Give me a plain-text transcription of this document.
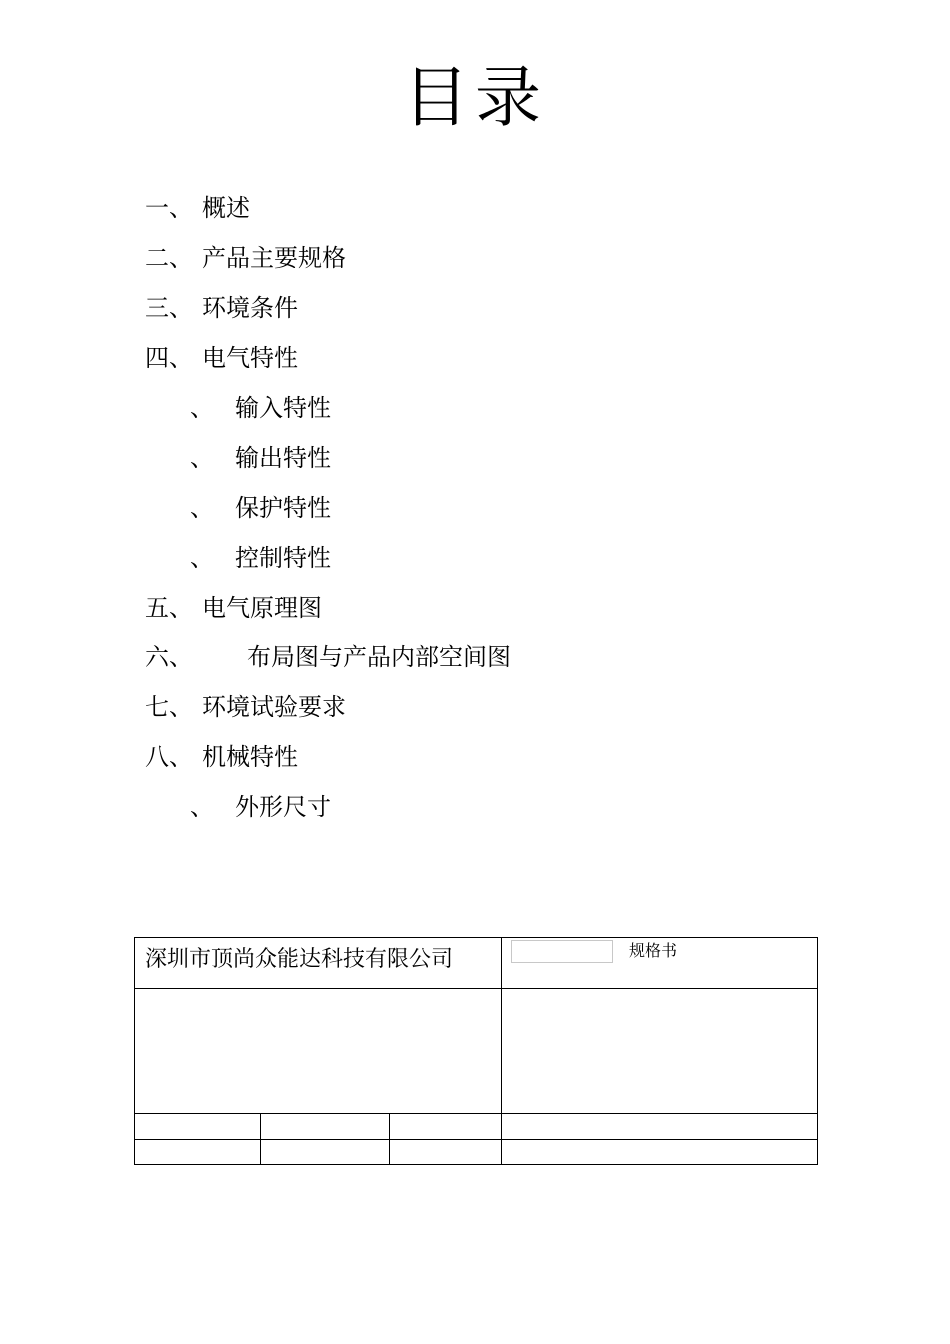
目录
一、 概述
二、 产品主要规格
三、 环境条件
四、 电气特性
、 输入特性
、 输出特性
、 保护特性
、 控制特性
五、 电气原理图
六、 布局图与产品内部空间图
七、 环境试验要求
八、 机械特性
、 外形尺寸
深圳市顶尚众能达科技有限公司			规格书
